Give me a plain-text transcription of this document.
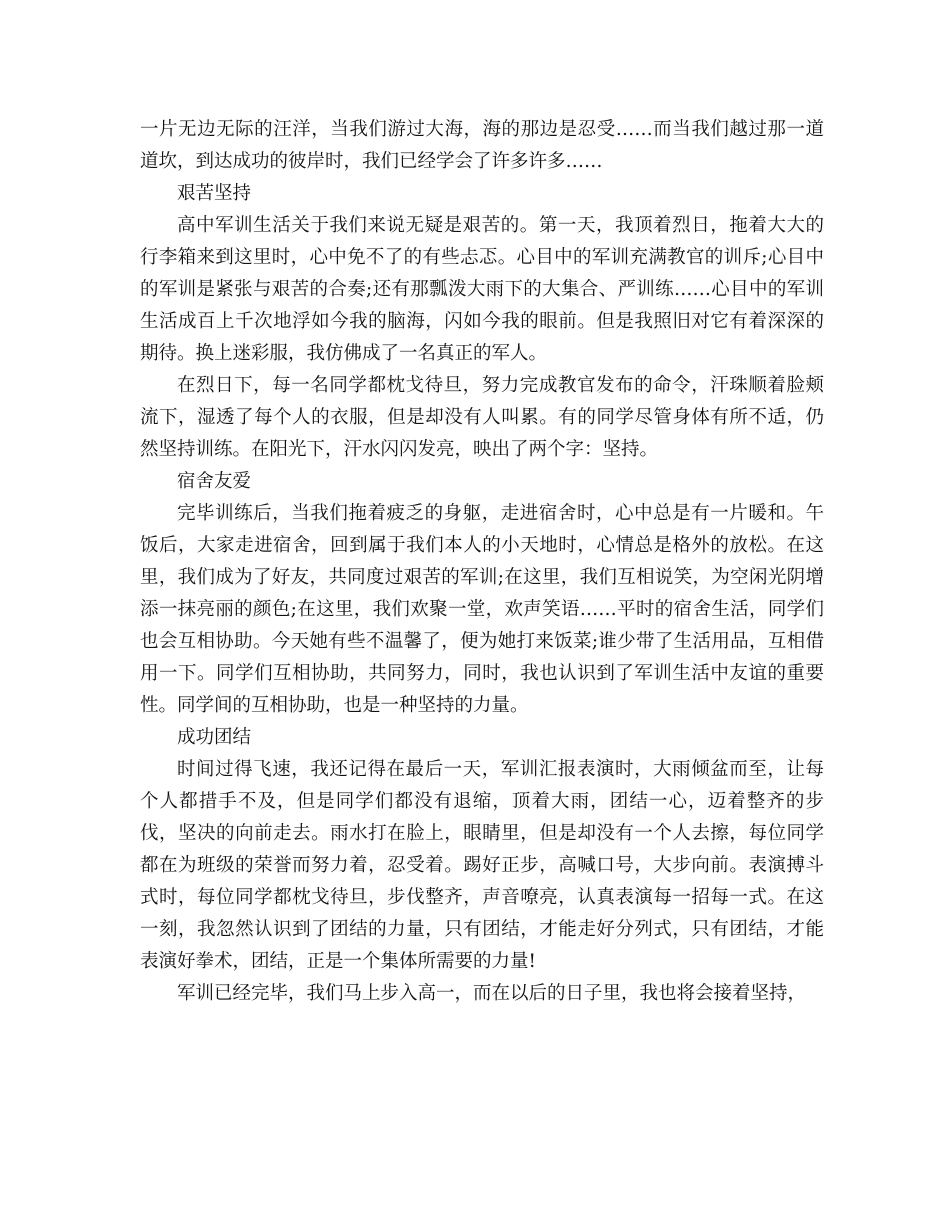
一片无边无际的汪洋，当我们游过大海，海的那边是忍受……而当我们越过那一道道坎，到达成功的彼岸时，我们已经学会了许多许多……

艰苦坚持

高中军训生活关于我们来说无疑是艰苦的。第一天，我顶着烈日，拖着大大的行李箱来到这里时，心中免不了的有些忐忑。心目中的军训充满教官的训斥;心目中的军训是紧张与艰苦的合奏;还有那瓢泼大雨下的大集合、严训练……心目中的军训生活成百上千次地浮如今我的脑海，闪如今我的眼前。但是我照旧对它有着深深的期待。换上迷彩服，我仿佛成了一名真正的军人。

在烈日下，每一名同学都枕戈待旦，努力完成教官发布的命令，汗珠顺着脸颊流下，湿透了每个人的衣服，但是却没有人叫累。有的同学尽管身体有所不适，仍然坚持训练。在阳光下，汗水闪闪发亮，映出了两个字：坚持。

宿舍友爱

完毕训练后，当我们拖着疲乏的身躯，走进宿舍时，心中总是有一片暖和。午饭后，大家走进宿舍，回到属于我们本人的小天地时，心情总是格外的放松。在这里，我们成为了好友，共同度过艰苦的军训;在这里，我们互相说笑，为空闲光阴增添一抹亮丽的颜色;在这里，我们欢聚一堂，欢声笑语……平时的宿舍生活，同学们也会互相协助。今天她有些不温馨了，便为她打来饭菜;谁少带了生活用品，互相借用一下。同学们互相协助，共同努力，同时，我也认识到了军训生活中友谊的重要性。同学间的互相协助，也是一种坚持的力量。

成功团结

时间过得飞速，我还记得在最后一天，军训汇报表演时，大雨倾盆而至，让每个人都措手不及，但是同学们都没有退缩，顶着大雨，团结一心，迈着整齐的步伐，坚决的向前走去。雨水打在脸上，眼睛里，但是却没有一个人去擦，每位同学都在为班级的荣誉而努力着，忍受着。踢好正步，高喊口号，大步向前。表演搏斗式时，每位同学都枕戈待旦，步伐整齐，声音嘹亮，认真表演每一招每一式。在这一刻，我忽然认识到了团结的力量，只有团结，才能走好分列式，只有团结，才能表演好拳术，团结，正是一个集体所需要的力量!

军训已经完毕，我们马上步入高一，而在以后的日子里，我也将会接着坚持，
